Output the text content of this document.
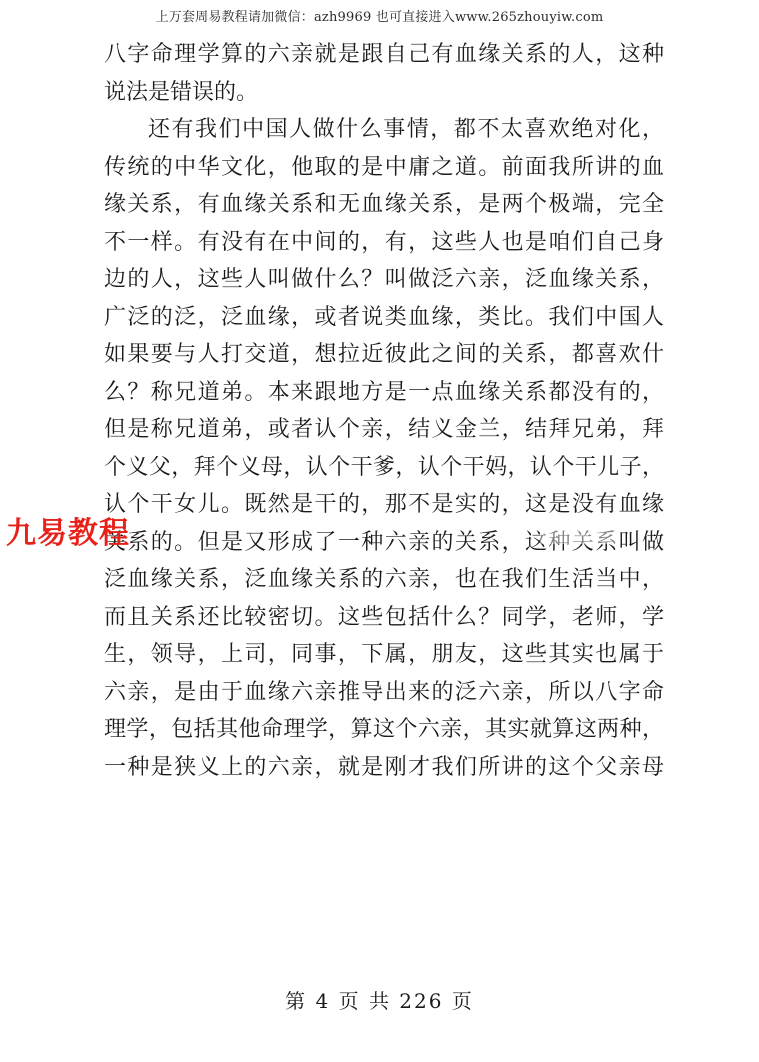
上万套周易教程请加微信：azh9969 也可直接进入www.265zhouyiw.com
八字命理学算的六亲就是跟自己有血缘关系的人，这种
说法是错误的。
还有我们中国人做什么事情，都不太喜欢绝对化，
传统的中华文化，他取的是中庸之道。前面我所讲的血
缘关系，有血缘关系和无血缘关系，是两个极端，完全
不一样。有没有在中间的，有，这些人也是咱们自己身
边的人，这些人叫做什么？叫做泛六亲，泛血缘关系，
广泛的泛，泛血缘，或者说类血缘，类比。我们中国人
如果要与人打交道，想拉近彼此之间的关系，都喜欢什
么？称兄道弟。本来跟地方是一点血缘关系都没有的，
但是称兄道弟，或者认个亲，结义金兰，结拜兄弟，拜
个义父，拜个义母，认个干爹，认个干妈，认个干儿子，
认个干女儿。既然是干的，那不是实的，这是没有血缘
关系的。但是又形成了一种六亲的关系，这种关系叫做
泛血缘关系，泛血缘关系的六亲，也在我们生活当中，
而且关系还比较密切。这些包括什么？同学，老师，学
生，领导，上司，同事，下属，朋友，这些其实也属于
六亲，是由于血缘六亲推导出来的泛六亲，所以八字命
理学，包括其他命理学，算这个六亲，其实就算这两种，
一种是狭义上的六亲，就是刚才我们所讲的这个父亲母
九易教程
第 4 页 共 226 页
